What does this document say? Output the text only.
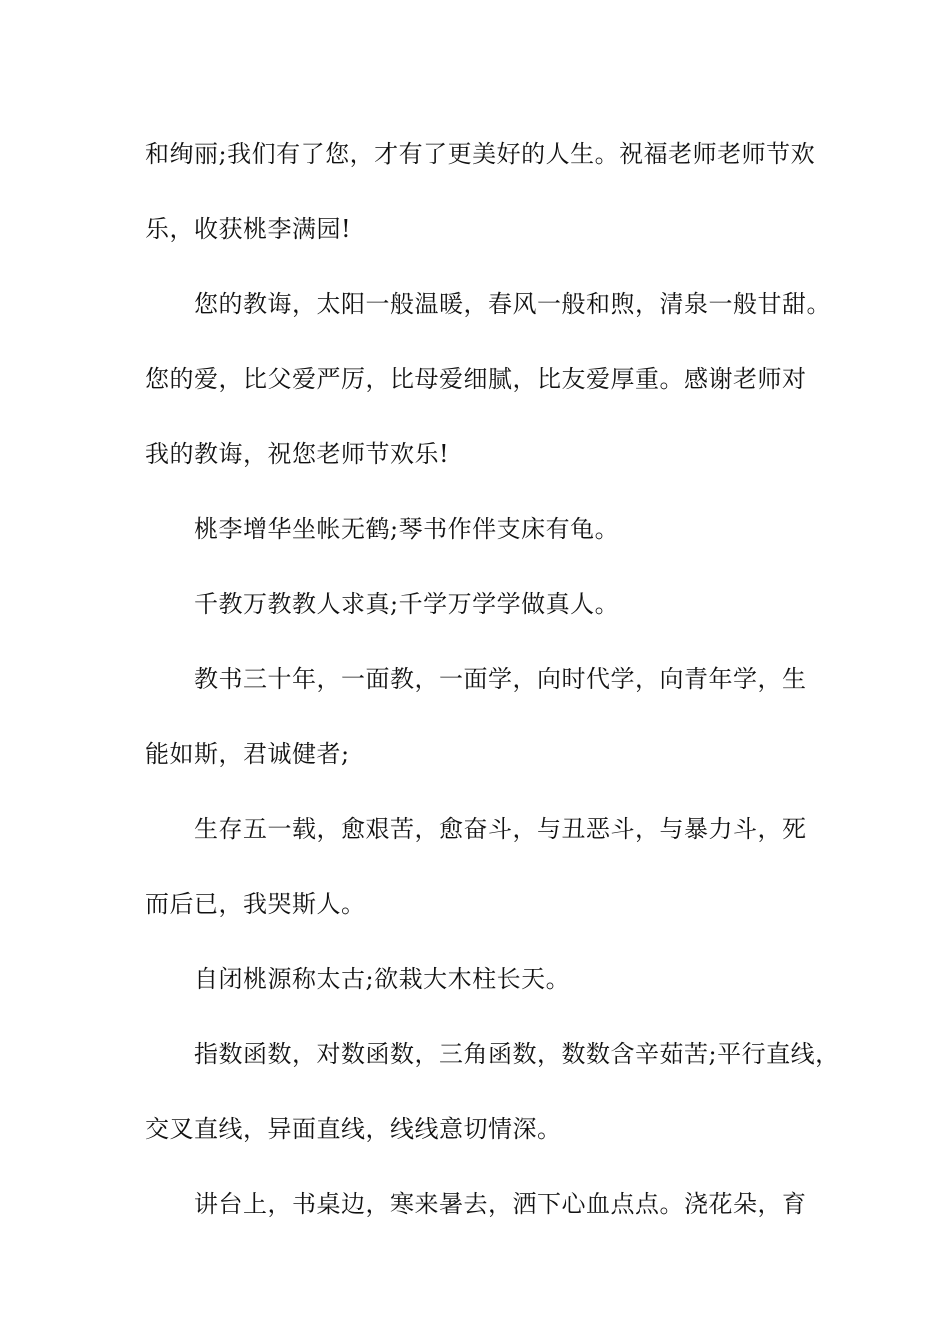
和绚丽;我们有了您，才有了更美好的人生。祝福老师老师节欢
乐，收获桃李满园!
您的教诲，太阳一般温暖，春风一般和煦，清泉一般甘甜。
您的爱，比父爱严厉，比母爱细腻，比友爱厚重。感谢老师对
我的教诲，祝您老师节欢乐!
桃李增华坐帐无鹤;琴书作伴支床有龟。
千教万教教人求真;千学万学学做真人。
教书三十年，一面教，一面学，向时代学，向青年学，生
能如斯，君诚健者;
生存五一载，愈艰苦，愈奋斗，与丑恶斗，与暴力斗，死
而后已，我哭斯人。
自闭桃源称太古;欲栽大木柱长天。
指数函数，对数函数，三角函数，数数含辛茹苦;平行直线，
交叉直线，异面直线，线线意切情深。
讲台上，书桌边，寒来暑去，洒下心血点点。浇花朵，育
